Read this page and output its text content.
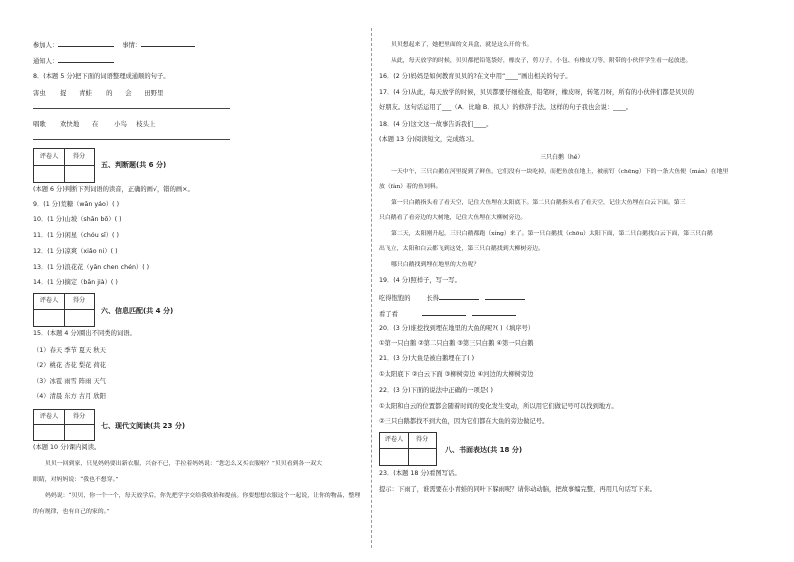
参加人：	事情：
通知人：
8．(本题 5 分)把下面的词语整理成通顺的句子。
害虫 捉 青蛙 的 会 田野里
唱歌 欢快地 在 小鸟 枝头上
评卷人	得分
五、判断题(共 6 分)
(本题 6 分)判断下列词语的读音，正确的画√，错的画×。
9．(1 分)荒糖（wān yáo）( )
10．(1 分)山坡（shān bō）( )
11．(1 分)闲星（chóu sī）( )
12．(1 分)凉爽（xiǎo ni）( )
13．(1 分)浪花花（yān chen chén）( )
14．(1 分)摘定（bān jià）( )
评卷人	得分
六、信息匹配(共 4 分)
15．(本题 4 分)圈出不同类的词语。
（1）春天 季节 夏天 秋天
（2）桃花 杏花 梨花 荷花
（3）冰雹 雨雪 阵雨 天气
（4）清晨 东方 古月 欣阳
评卷人	得分
七、现代文阅读(共 23 分)
(本题 10 分)课内阅读。
贝贝一回到家，只见妈妈要出新衣服，兴奋不已，手拉着妈妈说：“您怎么又买衣服啦？”贝贝看到各一双大
眼睛，对妈妈说：“我也不想穿。”
妈妈说：“贝贝，你一个一个，每天放学后，你先把学字交给我收拾和提前。你要想想衣服这个一起说，让你的物品，整理
的有规律，也有自己的家的。”
贝贝想起来了，她把里面的文具盒，就是这么开的书。
从此，每天放学的时候，贝贝都把铅笔袋好，橡皮子，剪刀子，小包、有橡皮刀等，附带的小伙伴学生看一起放进。
16．(2 分)妈妈是如何教育贝贝的?在文中用“____”画出相关的句子。
17．(4 分)从此，每天放学的时候，贝贝都要仔细检查，铅笔呀，橡皮呀，转笔刀呀，所有的小伙伴们都是贝贝的
好朋友。这句话运用了___（A．比喻 B．拟人）的修辞手法。这样的句子我也会说：____。
18．(4 分)这文这一故事告诉我们____。
(本题 13 分)阅读短文，完成练习。
三只白鹅（hé）
一天中午，三只白鹅在河里捉到了鲜鱼，它们没有一块吃掉，而把鱼放在地上，被前钉（chēng）下的一条大鱼便（mán）在地里
放（fàn）着的鱼饲料。
第一只白鹅指头看了看天空，记住大鱼埋在太阳底下。第二只白鹅指头看了看天空，记住大鱼埋在白云下面。第三
只白鹅看了看旁边的大树地，记住大鱼埋在大柳树旁边。
第二天，太阳刚升起，三只白鹅都跑（xíng）来了。第一只白鹅找（chōu）太阳下面，第二只白鹅找白云下面，第三只白鹅
出飞立，太阳和白云都飞到这处，第三只白鹅找到大柳树旁边。
哪只白鹅找到埋在地里的大鱼呢？
19．(4 分)照样子，写一写。
吃得饱饱的	长得
看了看
20．(3 分)谁挖找到埋在地里的大鱼的呢?( )（填序号）
①第一只白鹅 ②第二只白鹅 ③第三只白鹅 ④第一只白鹅
21．(3 分)大鱼是被白鹅埋在了( )
①太阳底下 ②白云下面 ③柳树旁边 ④河边的大柳树旁边
22．(3 分)下面的说法中正确的一项是( )
①太阳和白云的位置都会随着时间的变化发生变动，所以用它们做记号可以找到地方。
②三只白鹅都找不到大鱼，因为它们都在大鱼的旁边做记号。
评卷人	得分
八、书面表达(共 18 分)
23．(本题 18 分)看图写话。
提示：下雨了，谁需要在小青蛙的同叶下躲雨呢？请你动动脑，把故事编完整，再用几句话写下来。
